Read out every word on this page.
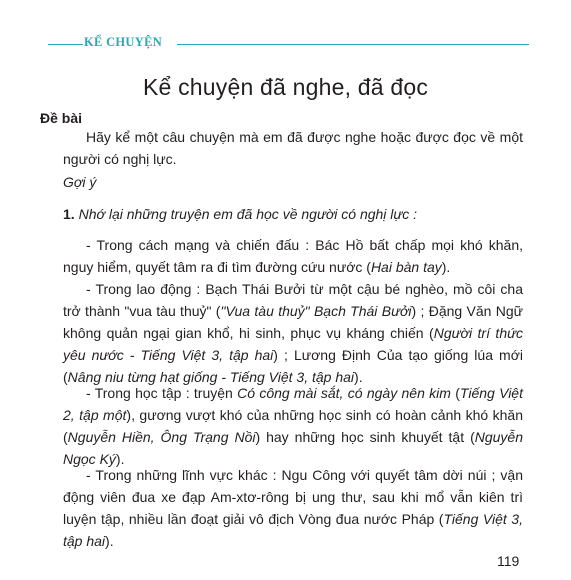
KỂ CHUYỆN
Kể chuyện đã nghe, đã đọc
Đề bài

Hãy kể một câu chuyện mà em đã được nghe hoặc được đọc về một người có nghị lực.

Gợi ý
1. Nhớ lại những truyện em đã học về người có nghị lực :

- Trong cách mạng và chiến đấu : Bác Hồ bất chấp mọi khó khăn, nguy hiểm, quyết tâm ra đi tìm đường cứu nước (Hai bàn tay).

- Trong lao động : Bạch Thái Bưởi từ một cậu bé nghèo, mồ côi cha trở thành "vua tàu thuỷ" ("Vua tàu thuỷ" Bạch Thái Bưởi) ; Đặng Văn Ngữ không quản ngại gian khổ, hi sinh, phục vụ kháng chiến (Người trí thức yêu nước - Tiếng Việt 3, tập hai) ; Lương Định Của tạo giống lúa mới (Nâng niu từng hạt giống - Tiếng Việt 3, tập hai).

- Trong học tập : truyện Có công mài sắt, có ngày nên kim (Tiếng Việt 2, tập một), gương vượt khó của những học sinh có hoàn cảnh khó khăn (Nguyễn Hiền, Ông Trạng Nồi) hay những học sinh khuyết tật (Nguyễn Ngọc Ký).

- Trong những lĩnh vực khác : Ngu Công với quyết tâm dời núi ; vận động viên đua xe đạp Am-xtơ-rông bị ung thư, sau khi mổ vẫn kiên trì luyện tập, nhiều lần đoạt giải vô địch Vòng đua nước Pháp (Tiếng Việt 3, tập hai).

119
